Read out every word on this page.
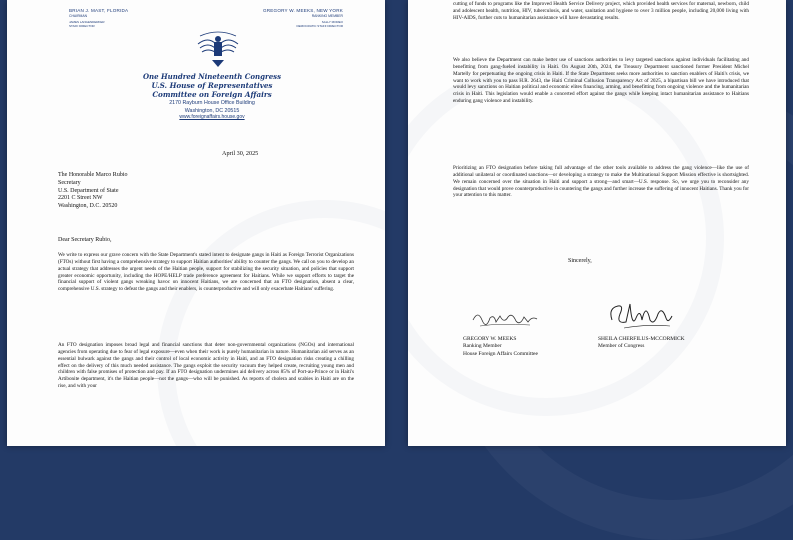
BRIAN J. MAST, FLORIDA
CHAIRMAN
JAMES LANGENDERFER
STAFF DIRECTOR
GREGORY W. MEEKS, NEW YORK
RANKING MEMBER
SALLY MOREO
DEMOCRATIC STAFF DIRECTOR
One Hundred Nineteenth Congress
U.S. House of Representatives
Committee on Foreign Affairs
2170 Rayburn House Office Building
Washington, DC 20515
www.foreignaffairs.house.gov
April 30, 2025
The Honorable Marco Rubio
Secretary
U.S. Department of State
2201 C Street NW
Washington, D.C. 20520
Dear Secretary Rubio,

We write to express our grave concern with the State Department's stated intent to designate gangs in Haiti as Foreign Terrorist Organizations (FTOs) without first having a comprehensive strategy to support Haitian authorities' ability to counter the gangs. We call on you to develop an actual strategy that addresses the urgent needs of the Haitian people, support for stabilizing the security situation, and policies that support greater economic opportunity, including the HOPE/HELP trade preference agreement for Haitians. While we support efforts to target the financial support of violent gangs wreaking havoc on innocent Haitians, we are concerned that an FTO designation, absent a clear, comprehensive U.S. strategy to defeat the gangs and their enablers, is counterproductive and will only exacerbate Haitians' suffering.

An FTO designation imposes broad legal and financial sanctions that deter non-governmental organizations (NGOs) and international agencies from operating due to fear of legal exposure—even when their work is purely humanitarian in nature. Humanitarian aid serves as an essential bulwark against the gangs and their control of local economic activity in Haiti, and an FTO designation risks creating a chilling effect on the delivery of this much needed assistance. The gangs exploit the security vacuum they helped create, recruiting young men and children with false promises of protection and pay. If an FTO designation undermines aid delivery across 85% of Port-au-Prince or in Haiti's Artibonite department, it's the Haitian people—not the gangs—who will be punished. As reports of cholera and scabies in Haiti are on the rise, and with your

cutting of funds to programs like the Improved Health Service Delivery project, which provided health services for maternal, newborn, child and adolescent health, nutrition, HIV, tuberculosis, and water, sanitation and hygiene to over 3 million people, including 20,000 living with HIV-AIDS, further cuts to humanitarian assistance will have devastating results.

We also believe the Department can make better use of sanctions authorities to levy targeted sanctions against individuals facilitating and benefitting from gang-fueled instability in Haiti. On August 20th, 2024, the Treasury Department sanctioned former President Michel Martelly for perpetuating the ongoing crisis in Haiti. If the State Department seeks more authorities to sanction enablers of Haiti's crisis, we want to work with you to pass H.R. 2643, the Haiti Criminal Collusion Transparency Act of 2025, a bipartisan bill we have introduced that would levy sanctions on Haitian political and economic elites financing, arming, and benefitting from ongoing violence and the humanitarian crisis in Haiti. This legislation would enable a concerted effort against the gangs while keeping intact humanitarian assistance to Haitians enduring gang violence and instability.

Prioritizing an FTO designation before taking full advantage of the other tools available to address the gang violence—like the use of additional unilateral or coordinated sanctions—or developing a strategy to make the Multinational Support Mission effective is shortsighted. We remain concerned over the situation in Haiti and support a strong—and smart—U.S. response. So, we urge you to reconsider any designation that would prove counterproductive in countering the gangs and further increase the suffering of innocent Haitians. Thank you for your attention to this matter.

Sincerely,
GREGORY W. MEEKS
Ranking Member
House Foreign Affairs Committee
SHEILA CHERFILUS-MCCORMICK
Member of Congress
